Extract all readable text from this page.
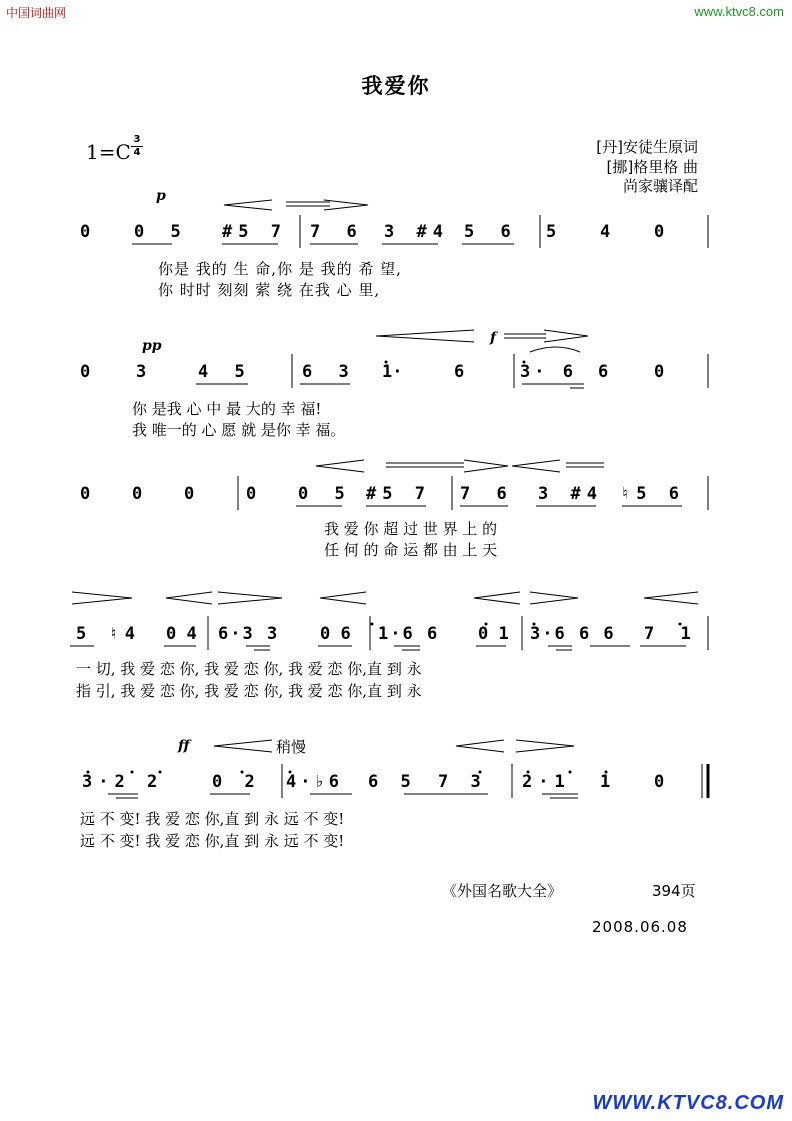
中国词曲网	www.ktvc8.com
我爱你
$1=C \frac{3}{4}$	[丹]安徒生原词
[挪]格里格 曲
尚家骧译配
p
0	0 5 #5 7 7 6 3 #4 5 6 5	4	0
你是 我的 生 命,你 是 我的 希 望,
你 时时 刻刻 萦 绕 在我 心 里,
pp	f
0	3	4 5	6 3 1·	6	3· 6 6	0
你 是我 心 中 最 大的 幸 福!
我 唯一的 心 愿 就 是你 幸 福。
0 0 0	0 0 5 #5 7 7 6 3 #4 ♮5 6
我 爱 你 超 过 世 界 上 的
任 何 的 命 运 都 由 上 天
5 ♮4 0 4 6·3 3 0 6 1·6 6 0 1 3·6 6 6 7 1
一 切, 我 爱 恋 你, 我 爱 恋 你, 我 爱 恋 你,直 到 永
指 引, 我 爱 恋 你, 我 爱 恋 你, 我 爱 恋 你,直 到 永
ff	稍慢
3·2 2	0 2 4·♭6 6 5 7 3 2·1 1	0
远 不 变! 我 爱 恋 你,直 到 永 远 不 变!
远 不 变! 我 爱 恋 你,直 到 永 远 不 变!
《外国名歌大全》	394页
2008.06.08
WWW.KTVC8.COM
